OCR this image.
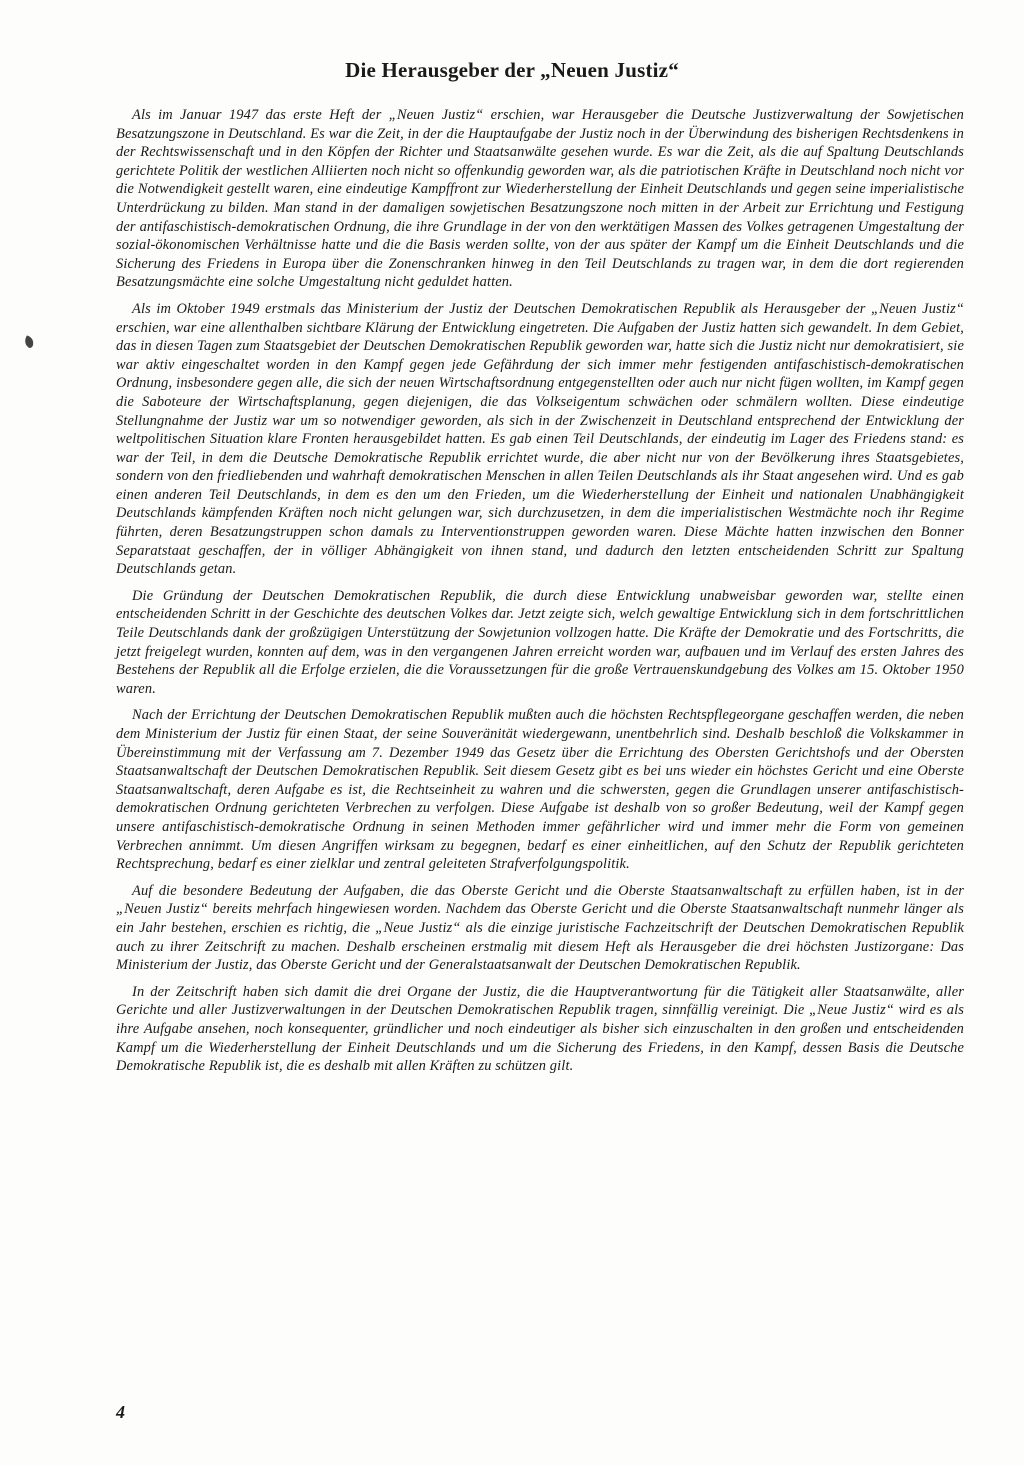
Die Herausgeber der „Neuen Justiz“

Als im Januar 1947 das erste Heft der „Neuen Justiz“ erschien, war Herausgeber die Deutsche Justizverwaltung der Sowjetischen Besatzungszone in Deutschland. Es war die Zeit, in der die Hauptaufgabe der Justiz noch in der Überwindung des bisherigen Rechtsdenkens in der Rechtswissenschaft und in den Köpfen der Richter und Staatsanwälte gesehen wurde. Es war die Zeit, als die auf Spaltung Deutschlands gerichtete Politik der westlichen Alliierten noch nicht so offenkundig geworden war, als die patriotischen Kräfte in Deutschland noch nicht vor die Notwendigkeit gestellt waren, eine eindeutige Kampffront zur Wiederherstellung der Einheit Deutschlands und gegen seine imperialistische Unterdrückung zu bilden. Man stand in der damaligen sowjetischen Besatzungszone noch mitten in der Arbeit zur Errichtung und Festigung der antifaschistisch-demokratischen Ordnung, die ihre Grundlage in der von den werktätigen Massen des Volkes getragenen Umgestaltung der sozial-ökonomischen Verhältnisse hatte und die die Basis werden sollte, von der aus später der Kampf um die Einheit Deutschlands und die Sicherung des Friedens in Europa über die Zonenschranken hinweg in den Teil Deutschlands zu tragen war, in dem die dort regierenden Besatzungsmächte eine solche Umgestaltung nicht geduldet hatten.

Als im Oktober 1949 erstmals das Ministerium der Justiz der Deutschen Demokratischen Republik als Herausgeber der „Neuen Justiz“ erschien, war eine allenthalben sichtbare Klärung der Entwicklung eingetreten. Die Aufgaben der Justiz hatten sich gewandelt. In dem Gebiet, das in diesen Tagen zum Staatsgebiet der Deutschen Demokratischen Republik geworden war, hatte sich die Justiz nicht nur demokratisiert, sie war aktiv eingeschaltet worden in den Kampf gegen jede Gefährdung der sich immer mehr festigenden antifaschistisch-demokratischen Ordnung, insbesondere gegen alle, die sich der neuen Wirtschaftsordnung entgegenstellten oder auch nur nicht fügen wollten, im Kampf gegen die Saboteure der Wirtschaftsplanung, gegen diejenigen, die das Volkseigentum schwächen oder schmälern wollten. Diese eindeutige Stellungnahme der Justiz war um so notwendiger geworden, als sich in der Zwischenzeit in Deutschland entsprechend der Entwicklung der weltpolitischen Situation klare Fronten herausgebildet hatten. Es gab einen Teil Deutschlands, der eindeutig im Lager des Friedens stand: es war der Teil, in dem die Deutsche Demokratische Republik errichtet wurde, die aber nicht nur von der Bevölkerung ihres Staatsgebietes, sondern von den friedliebenden und wahrhaft demokratischen Menschen in allen Teilen Deutschlands als ihr Staat angesehen wird. Und es gab einen anderen Teil Deutschlands, in dem es den um den Frieden, um die Wiederherstellung der Einheit und nationalen Unabhängigkeit Deutschlands kämpfenden Kräften noch nicht gelungen war, sich durchzusetzen, in dem die imperialistischen Westmächte noch ihr Regime führten, deren Besatzungstruppen schon damals zu Interventionstruppen geworden waren. Diese Mächte hatten inzwischen den Bonner Separatstaat geschaffen, der in völliger Abhängigkeit von ihnen stand, und dadurch den letzten entscheidenden Schritt zur Spaltung Deutschlands getan.

Die Gründung der Deutschen Demokratischen Republik, die durch diese Entwicklung unabweisbar geworden war, stellte einen entscheidenden Schritt in der Geschichte des deutschen Volkes dar. Jetzt zeigte sich, welch gewaltige Entwicklung sich in dem fortschrittlichen Teile Deutschlands dank der großzügigen Unterstützung der Sowjetunion vollzogen hatte. Die Kräfte der Demokratie und des Fortschritts, die jetzt freigelegt wurden, konnten auf dem, was in den vergangenen Jahren erreicht worden war, aufbauen und im Verlauf des ersten Jahres des Bestehens der Republik all die Erfolge erzielen, die die Voraussetzungen für die große Vertrauenskundgebung des Volkes am 15. Oktober 1950 waren.

Nach der Errichtung der Deutschen Demokratischen Republik mußten auch die höchsten Rechtspflegeorgane geschaffen werden, die neben dem Ministerium der Justiz für einen Staat, der seine Souveränität wiedergewann, unentbehrlich sind. Deshalb beschloß die Volkskammer in Übereinstimmung mit der Verfassung am 7. Dezember 1949 das Gesetz über die Errichtung des Obersten Gerichtshofs und der Obersten Staatsanwaltschaft der Deutschen Demokratischen Republik. Seit diesem Gesetz gibt es bei uns wieder ein höchstes Gericht und eine Oberste Staatsanwaltschaft, deren Aufgabe es ist, die Rechtseinheit zu wahren und die schwersten, gegen die Grundlagen unserer antifaschistisch-demokratischen Ordnung gerichteten Verbrechen zu verfolgen. Diese Aufgabe ist deshalb von so großer Bedeutung, weil der Kampf gegen unsere antifaschistisch-demokratische Ordnung in seinen Methoden immer gefährlicher wird und immer mehr die Form von gemeinen Verbrechen annimmt. Um diesen Angriffen wirksam zu begegnen, bedarf es einer einheitlichen, auf den Schutz der Republik gerichteten Rechtsprechung, bedarf es einer zielklar und zentral geleiteten Strafverfolgungspolitik.

Auf die besondere Bedeutung der Aufgaben, die das Oberste Gericht und die Oberste Staatsanwaltschaft zu erfüllen haben, ist in der „Neuen Justiz“ bereits mehrfach hingewiesen worden. Nachdem das Oberste Gericht und die Oberste Staatsanwaltschaft nunmehr länger als ein Jahr bestehen, erschien es richtig, die „Neue Justiz“ als die einzige juristische Fachzeitschrift der Deutschen Demokratischen Republik auch zu ihrer Zeitschrift zu machen. Deshalb erscheinen erstmalig mit diesem Heft als Herausgeber die drei höchsten Justizorgane: Das Ministerium der Justiz, das Oberste Gericht und der Generalstaatsanwalt der Deutschen Demokratischen Republik.

In der Zeitschrift haben sich damit die drei Organe der Justiz, die die Hauptverantwortung für die Tätigkeit aller Staatsanwälte, aller Gerichte und aller Justizverwaltungen in der Deutschen Demokratischen Republik tragen, sinnfällig vereinigt. Die „Neue Justiz“ wird es als ihre Aufgabe ansehen, noch konsequenter, gründlicher und noch eindeutiger als bisher sich einzuschalten in den großen und entscheidenden Kampf um die Wiederherstellung der Einheit Deutschlands und um die Sicherung des Friedens, in den Kampf, dessen Basis die Deutsche Demokratische Republik ist, die es deshalb mit allen Kräften zu schützen gilt.

4
